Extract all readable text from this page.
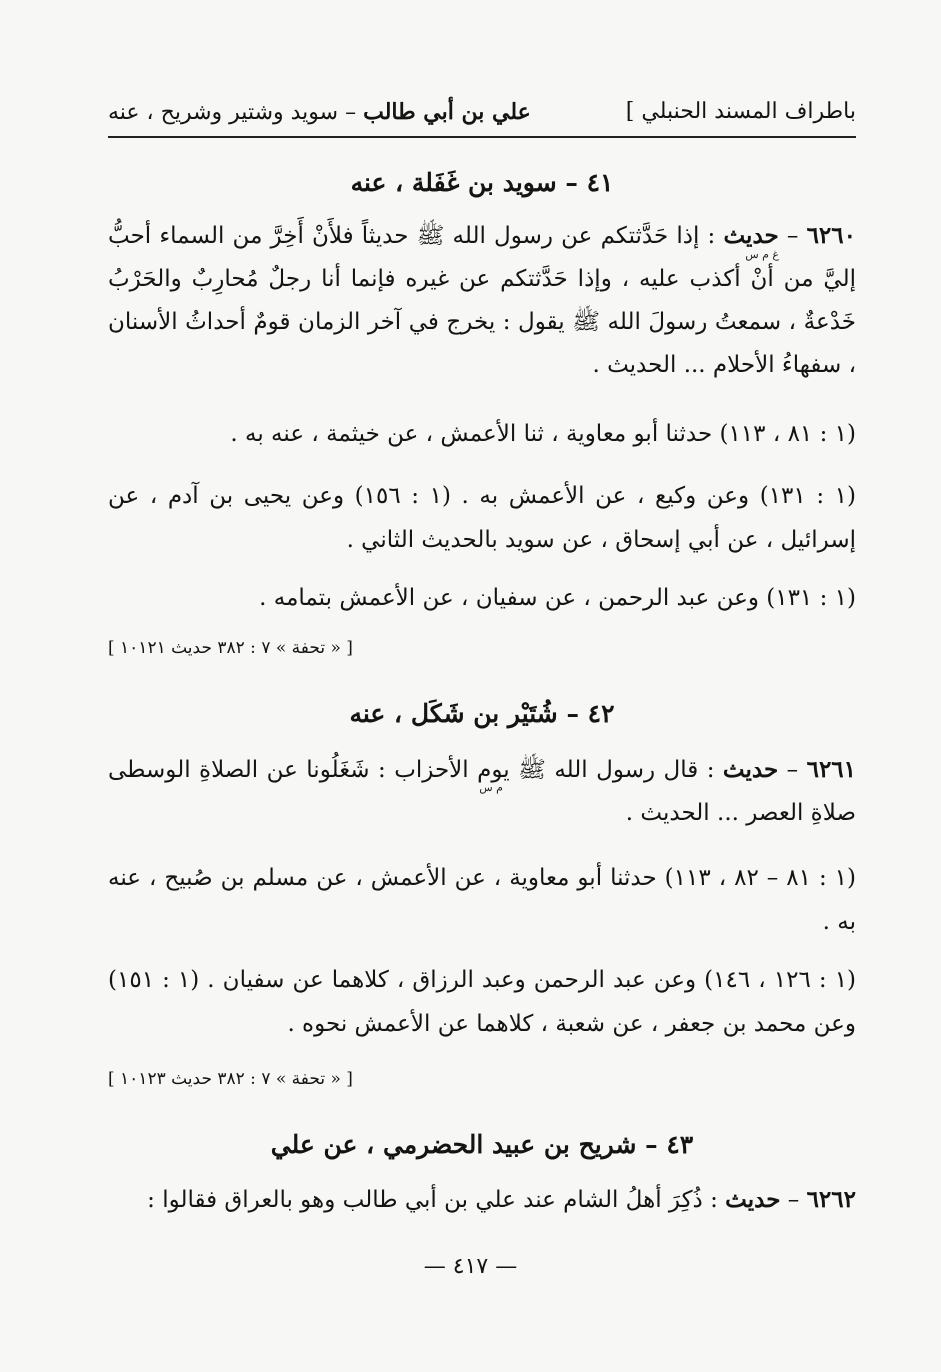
باطراف المسند الحنبلي ]
علي بن أبي طالب – سويد وشتير وشريح ، عنه
٤١ – سويد بن غَفَلة ، عنه
غ م س
٦٢٦٠ – حديث : إذا حَدَّثتكم عن رسول الله ﷺ حديثاً فلأَنْ أَخِرَّ من السماء أحبُّ إليَّ من أنْ أكذب عليه ، وإذا حَدَّثتكم عن غيره فإنما أنا رجلٌ مُحارِبٌ والحَرْبُ خَدْعةٌ ، سمعتُ رسولَ الله ﷺ يقول : يخرج في آخر الزمان قومٌ أحداثُ الأسنان ، سفهاءُ الأحلام ... الحديث .
(١ : ٨١ ، ١١٣) حدثنا أبو معاوية ، ثنا الأعمش ، عن خيثمة ، عنه به .
(١ : ١٣١) وعن وكيع ، عن الأعمش به . (١ : ١٥٦) وعن يحيى بن آدم ، عن إسرائيل ، عن أبي إسحاق ، عن سويد بالحديث الثاني .
(١ : ١٣١) وعن عبد الرحمن ، عن سفيان ، عن الأعمش بتمامه .
[ « تحفة » ٧ : ٣٨٢ حديث ١٠١٢١ ]
٤٢ – شُتَيْر بن شَكَل ، عنه
م س
٦٢٦١ – حديث : قال رسول الله ﷺ يوم الأحزاب : شَغَلُونا عن الصلاةِ الوسطى صلاةِ العصر ... الحديث .
(١ : ٨١ – ٨٢ ، ١١٣) حدثنا أبو معاوية ، عن الأعمش ، عن مسلم بن صُبيح ، عنه به .
(١ : ١٢٦ ، ١٤٦) وعن عبد الرحمن وعبد الرزاق ، كلاهما عن سفيان . (١ : ١٥١) وعن محمد بن جعفر ، عن شعبة ، كلاهما عن الأعمش نحوه .
[ « تحفة » ٧ : ٣٨٢ حديث ١٠١٢٣ ]
٤٣ – شريح بن عبيد الحضرمي ، عن علي
٦٢٦٢ – حديث : ذُكِرَ أهلُ الشام عند علي بن أبي طالب وهو بالعراق فقالوا :
— ٤١٧ —
